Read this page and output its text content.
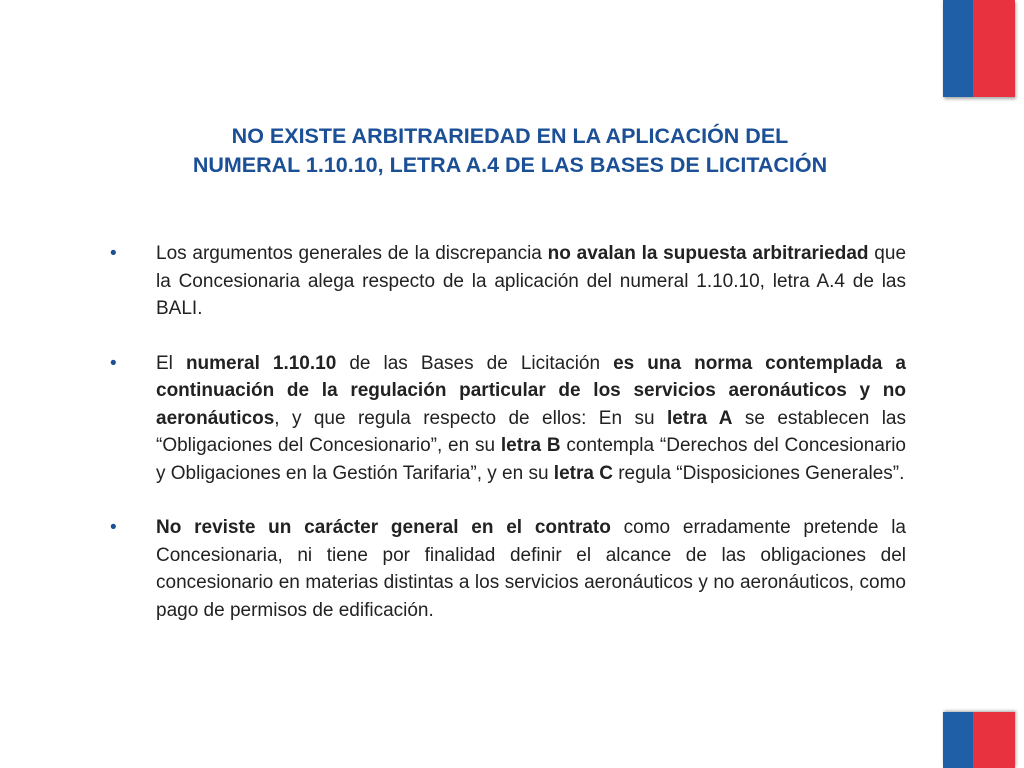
NO EXISTE ARBITRARIEDAD EN LA APLICACIÓN DEL
NUMERAL 1.10.10, LETRA A.4 DE LAS BASES DE LICITACIÓN
•	Los argumentos generales de la discrepancia no avalan la supuesta arbitrariedad que la Concesionaria alega respecto de la aplicación del numeral 1.10.10, letra A.4 de las BALI.
•	El numeral 1.10.10 de las Bases de Licitación es una norma contemplada a continuación de la regulación particular de los servicios aeronáuticos y no aeronáuticos, y que regula respecto de ellos: En su letra A se establecen las “Obligaciones del Concesionario”, en su letra B contempla “Derechos del Concesionario y Obligaciones en la Gestión Tarifaria”, y en su letra C regula “Disposiciones Generales”.
•	No reviste un carácter general en el contrato como erradamente pretende la Concesionaria, ni tiene por finalidad definir el alcance de las obligaciones del concesionario en materias distintas a los servicios aeronáuticos y no aeronáuticos, como pago de permisos de edificación.
